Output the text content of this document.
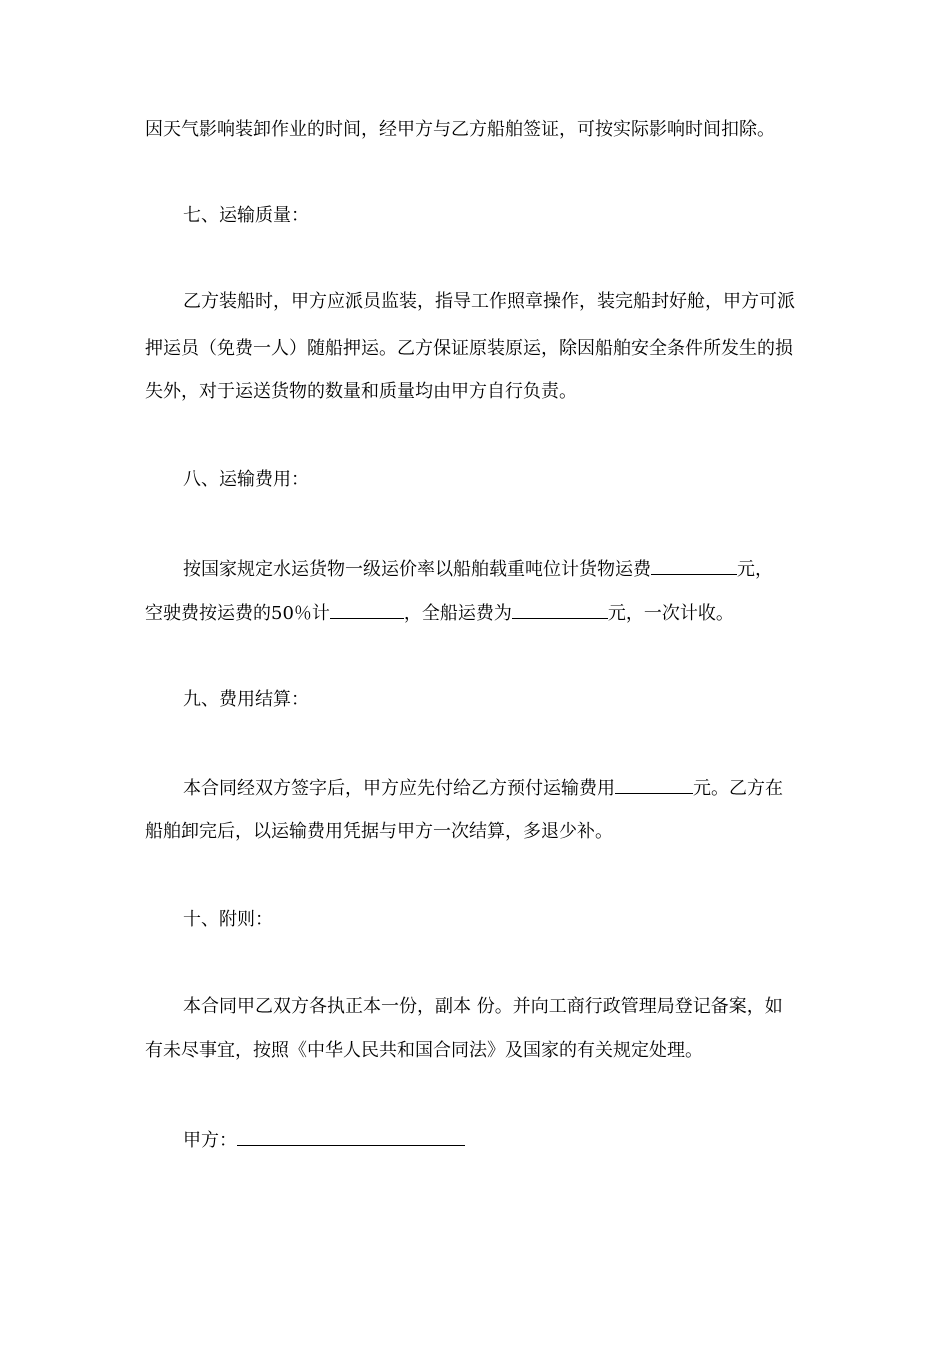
因天气影响装卸作业的时间，经甲方与乙方船舶签证，可按实际影响时间扣除。
七、运输质量：
乙方装船时，甲方应派员监装，指导工作照章操作，装完船封好舱，甲方可派
押运员（免费一人）随船押运。乙方保证原装原运，除因船舶安全条件所发生的损
失外，对于运送货物的数量和质量均由甲方自行负责。
八、运输费用：
按国家规定水运货物一级运价率以船舶载重吨位计货物运费	元，
空驶费按运费的50％计	，全船运费为	元，一次计收。
九、费用结算：
本合同经双方签字后，甲方应先付给乙方预付运输费用	元。乙方在
船舶卸完后，以运输费用凭据与甲方一次结算，多退少补。
十、附则：
本合同甲乙双方各执正本一份，副本 份。并向工商行政管理局登记备案，如
有未尽事宜，按照《中华人民共和国合同法》及国家的有关规定处理。
甲方：
